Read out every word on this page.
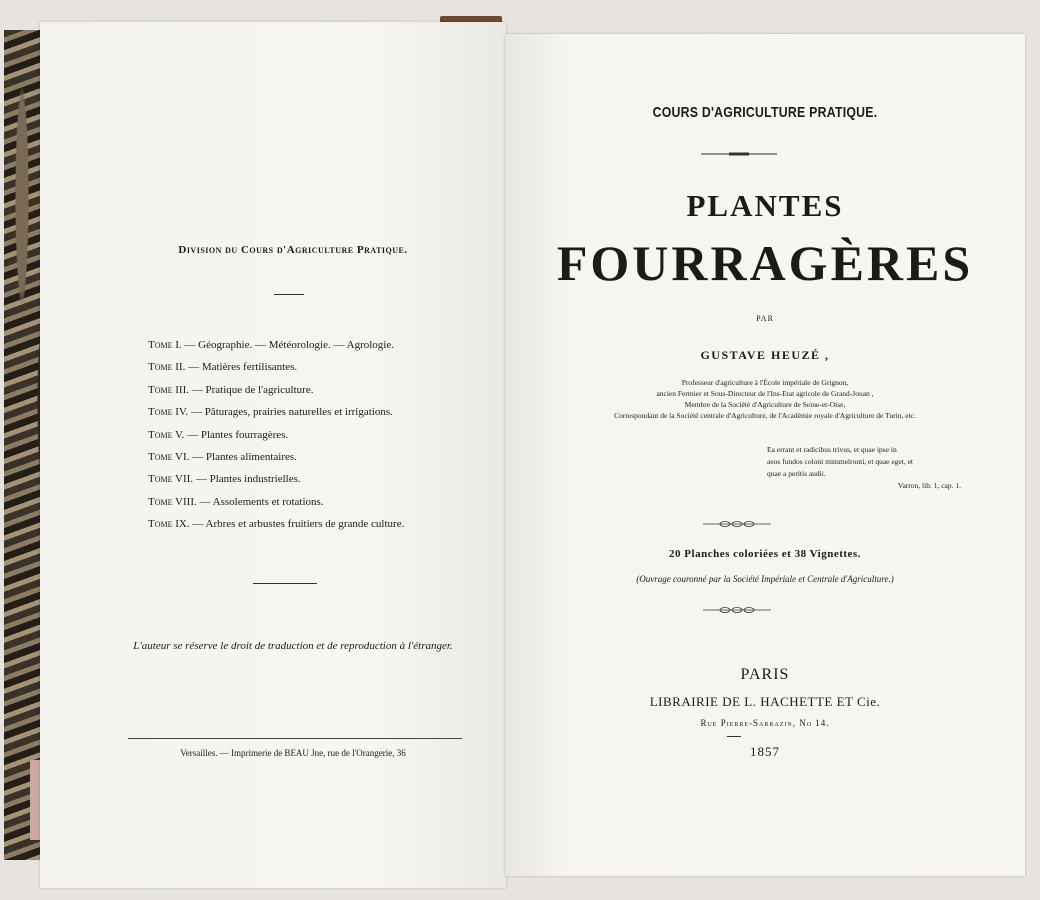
Division du Cours d'Agriculture Pratique.
Tome I. — Géographie. — Météorologie. — Agrologie.
Tome II. — Matières fertilisantes.
Tome III. — Pratique de l'agriculture.
Tome IV. — Pâturages, prairies naturelles et irrigations.
Tome V. — Plantes fourragères.
Tome VI. — Plantes alimentaires.
Tome VII. — Plantes industrielles.
Tome VIII. — Assolements et rotations.
Tome IX. — Arbres et arbustes fruitiers de grande culture.
L'auteur se réserve le droit de traduction et de reproduction à l'étranger.
Versailles. — Imprimerie de BEAU Jne, rue de l'Orangerie, 36
COURS D'AGRICULTURE PRATIQUE.
PLANTES
FOURRAGÈRES
PAR
GUSTAVE HEUZÉ ,
Professeur d'agriculture à l'École impériale de Grignon,
ancien Fermier et Sous-Directeur de l'Ins-Etat agricole de Grand-Jouan ,
Membre de la Société d'Agriculture de Seine-et-Oise,
Correspondant de la Société centrale d'Agriculture, de l'Académie royale d'Agriculture de Turin, etc.
Ea errant et radicibus trivus, et quae ipse in
aeos fundos coloni mimmelronti, et quae eget, et
quae a peritis audii.
Varron, lib. 1, cap. 1.
20 Planches coloriées et 38 Vignettes.
(Ouvrage couronné par la Société Impériale et Centrale d'Agriculture.)
PARIS
LIBRAIRIE DE L. HACHETTE ET Cie.
Rue Pierre-Sarrazin, No 14.
1857
